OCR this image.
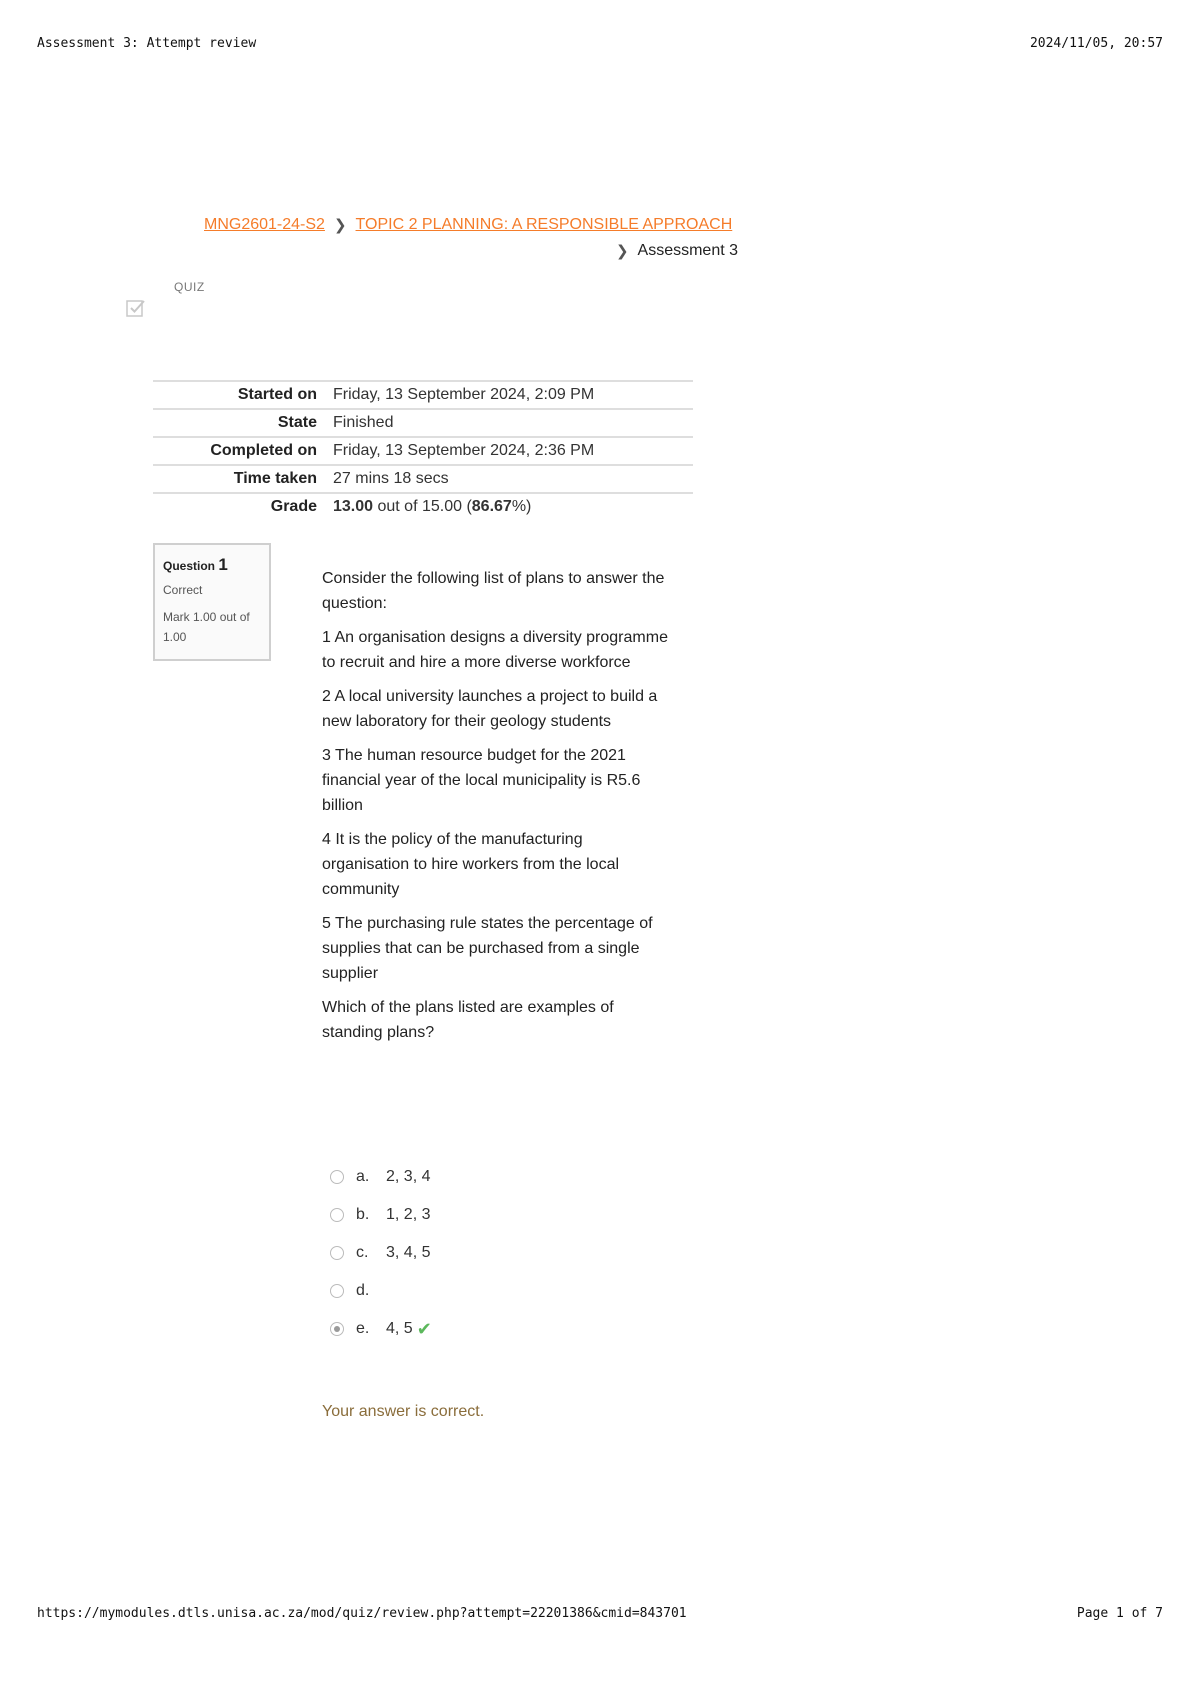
Assessment 3: Attempt review	2024/11/05, 20:57
MNG2601-24-S2 ❯ TOPIC 2 PLANNING: A RESPONSIBLE APPROACH
❯ Assessment 3
QUIZ
Started on	Friday, 13 September 2024, 2:09 PM
State	Finished
Completed on	Friday, 13 September 2024, 2:36 PM
Time taken	27 mins 18 secs
Grade	13.00 out of 15.00 (86.67%)
Question 1
Correct
Mark 1.00 out of 1.00

Consider the following list of plans to answer the question:

1 An organisation designs a diversity programme to recruit and hire a more diverse workforce

2 A local university launches a project to build a new laboratory for their geology students

3 The human resource budget for the 2021 financial year of the local municipality is R5.6 billion

4 It is the policy of the manufacturing organisation to hire workers from the local community

5 The purchasing rule states the percentage of supplies that can be purchased from a single supplier

Which of the plans listed are examples of standing plans?

a.	2, 3, 4
b.	1, 2, 3
c.	3, 4, 5
d.
e.	4, 5 ✔
Your answer is correct.
https://mymodules.dtls.unisa.ac.za/mod/quiz/review.php?attempt=22201386&cmid=843701	Page 1 of 7
